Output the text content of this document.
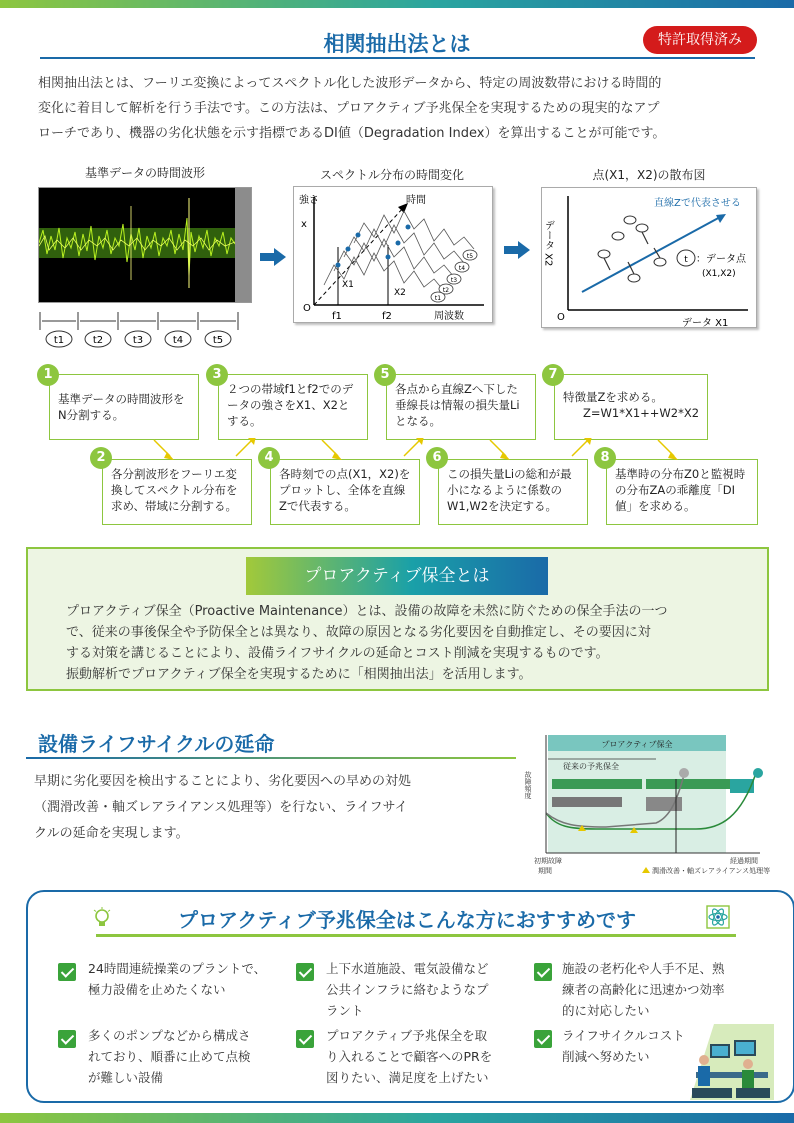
相関抽出法とは	特許取得済み
相関抽出法とは、フーリエ変換によってスペクトル化した波形データから、特定の周波数帯における時間的
変化に着目して解析を行う手法です。この方法は、プロアクティブ予兆保全を実現するための現実的なアプ
ローチであり、機器の劣化状態を示す指標であるDI値（Degradation Index）を算出することが可能です。
基準データの時間波形
t1	t2	t3	t4	t5
スペクトル分布の時間変化
強さ
x
時間
O
f1	f2	周波数
X1
X2
t5
t4
t3
t2
t1
点(X1，X2)の散布図
データ X2
データ X1
O
直線Zで代表させる
t ：データ点
(X1,X2)
基準データの時間波形をN分割する。
1
２つの帯域f1とf2でのデータの強さをX1、X2とする。
3
各点から直線Zへ下した垂線長は情報の損失量Liとなる。
5
特徴量Zを求める。
Z=W1*X1++W2*X2
7
各分割波形をフーリエ変換してスペクトル分布を求め、帯域に分割する。
2
各時刻での点(X1，X2)をプロットし、全体を直線Zで代表する。
4
この損失量Liの総和が最小になるように係数のW1,W2を決定する。
6
基準時の分布Z0と監視時の分布ZAの乖離度「DI値」を求める。
8
プロアクティブ保全とは
プロアクティブ保全（Proactive Maintenance）とは、設備の故障を未然に防ぐための保全手法の一つ
で、従来の事後保全や予防保全とは異なり、故障の原因となる劣化要因を自動推定し、その要因に対
する対策を講じることにより、設備ライフサイクルの延命とコスト削減を実現するものです。
振動解析でプロアクティブ保全を実現するために「相関抽出法」を活用します。
設備ライフサイクルの延命
早期に劣化要因を検出することにより、劣化要因への早めの対処
（潤滑改善・軸ズレアライアンス処理等）を行ない、ライフサイ
クルの延命を実現します。
プロアクティブ保全
従来の予兆保全
故障頻度
初期故障
期間
経過期間
潤滑改善・軸ズレアライアンス処理等
プロアクティブ予兆保全はこんな方におすすめです
24時間連続操業のプラントで、
極力設備を止めたくない
上下水道施設、電気設備など
公共インフラに絡むようなプ
ラント
施設の老朽化や人手不足、熟
練者の高齢化に迅速かつ効率
的に対応したい
多くのポンプなどから構成さ
れており、順番に止めて点検
が難しい設備
プロアクティブ予兆保全を取
り入れることで顧客へのPRを
図りたい、満足度を上げたい
ライフサイクルコスト
削減へ努めたい
